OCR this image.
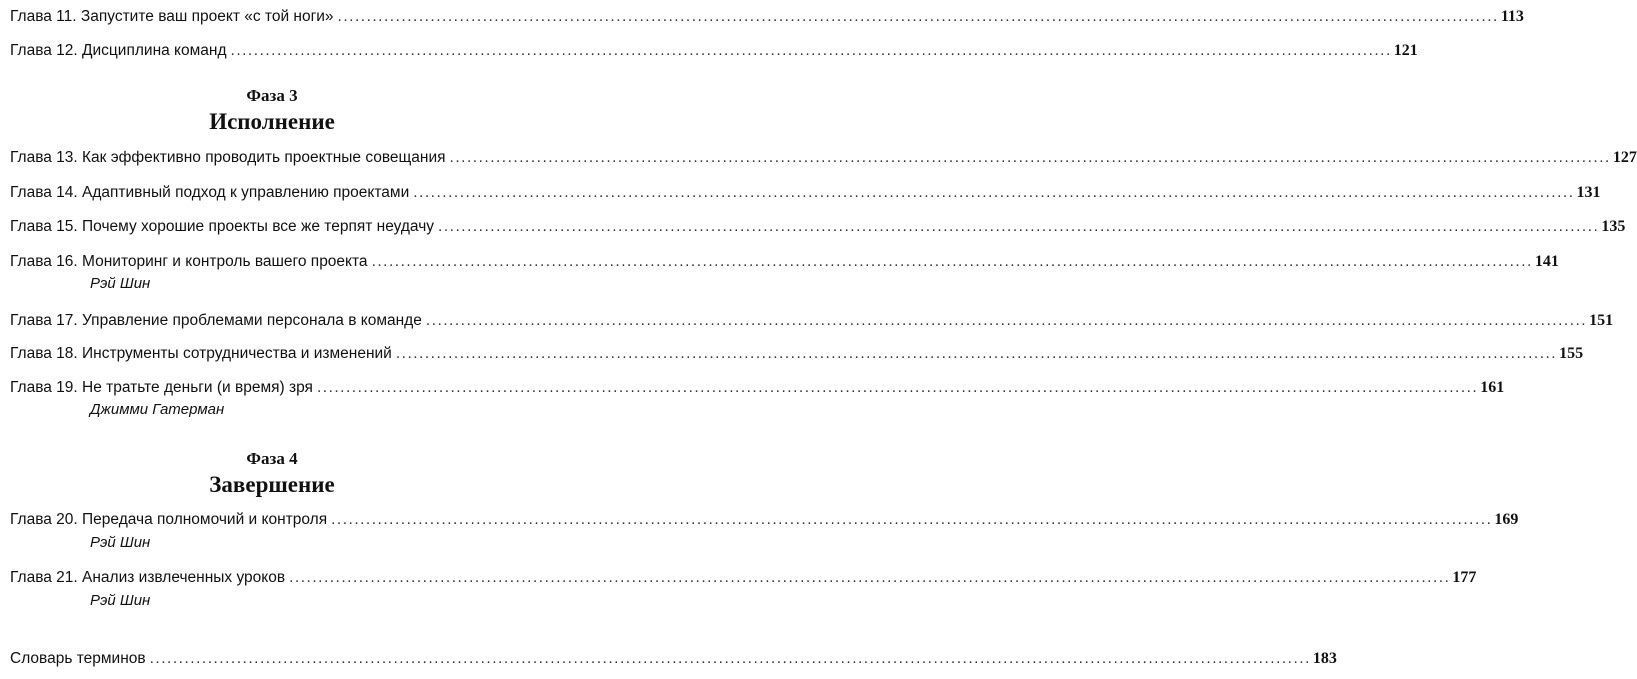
Глава 11. Запустите ваш проект «с той ноги» ........................................................................................................................................................................................................ 113
Глава 12. Дисциплина команд ........................................................................................................................................................................................................ 121
Фаза 3
Исполнение
Глава 13. Как эффективно проводить проектные совещания ........................................................................................................................................................................................................ 127
Глава 14. Адаптивный подход к управлению проектами ........................................................................................................................................................................................................ 131
Глава 15. Почему хорошие проекты все же терпят неудачу ........................................................................................................................................................................................................ 135
Глава 16. Мониторинг и контроль вашего проекта ........................................................................................................................................................................................................ 141
Рэй Шин
Глава 17. Управление проблемами персонала в команде ........................................................................................................................................................................................................ 151
Глава 18. Инструменты сотрудничества и изменений ........................................................................................................................................................................................................ 155
Глава 19. Не тратьте деньги (и время) зря ........................................................................................................................................................................................................ 161
Джимми Гатерман
Фаза 4
Завершение
Глава 20. Передача полномочий и контроля ........................................................................................................................................................................................................ 169
Рэй Шин
Глава 21. Анализ извлеченных уроков ........................................................................................................................................................................................................ 177
Рэй Шин
Словарь терминов ........................................................................................................................................................................................................ 183
